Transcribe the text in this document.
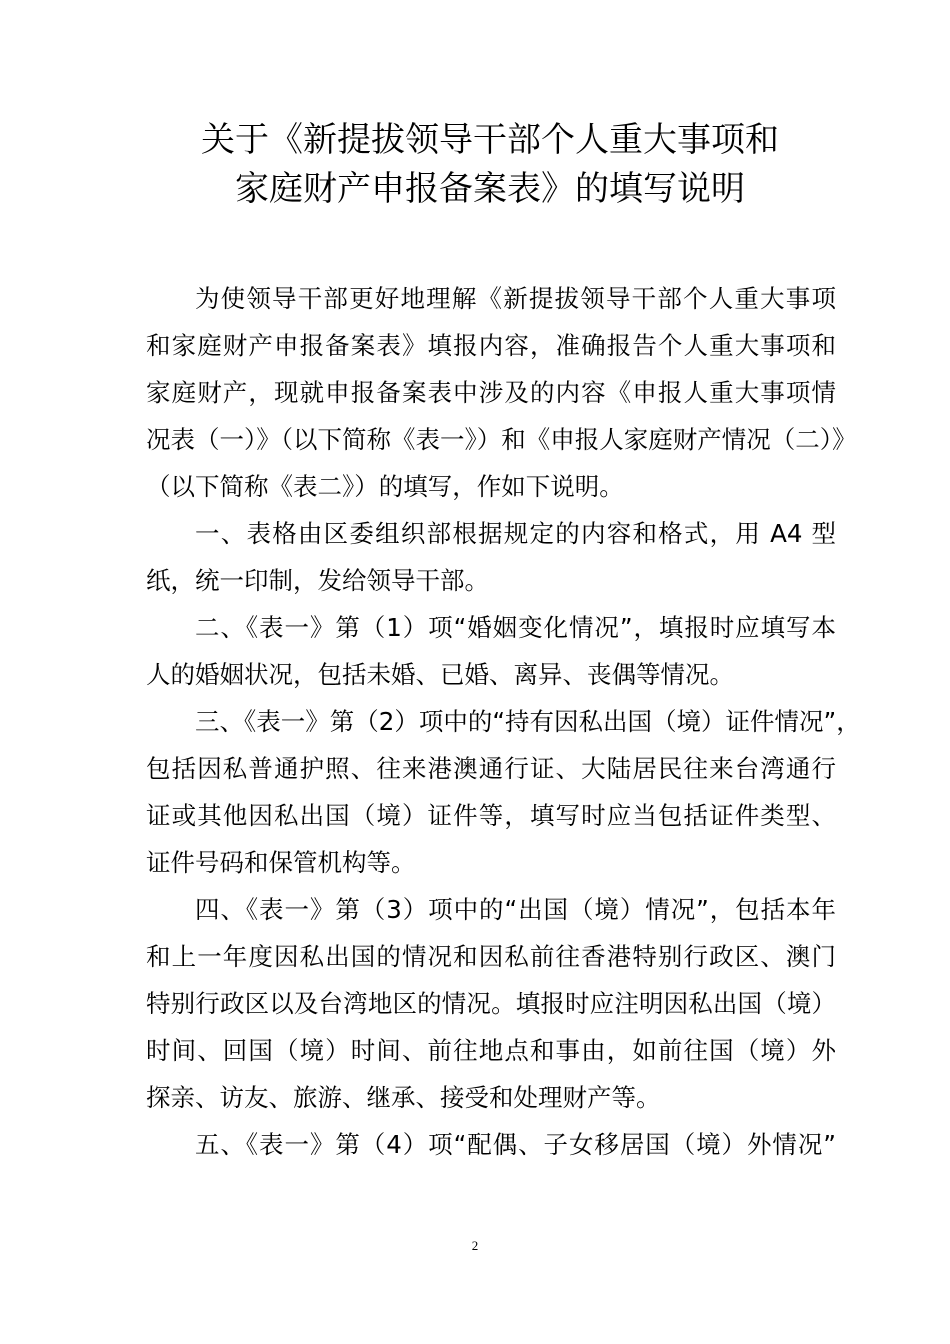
关于《新提拔领导干部个人重大事项和
家庭财产申报备案表》的填写说明
为使领导干部更好地理解《新提拔领导干部个人重大事项
和家庭财产申报备案表》填报内容，准确报告个人重大事项和
家庭财产，现就申报备案表中涉及的内容《申报人重大事项情
况表（一）》（以下简称《表一》）和《申报人家庭财产情况（二）》
（以下简称《表二》）的填写，作如下说明。
一、表格由区委组织部根据规定的内容和格式，用 A4 型
纸，统一印制，发给领导干部。
二、《表一》第（1）项“婚姻变化情况”，填报时应填写本
人的婚姻状况，包括未婚、已婚、离异、丧偶等情况。
三、《表一》第（2）项中的“持有因私出国（境）证件情况”，
包括因私普通护照、往来港澳通行证、大陆居民往来台湾通行
证或其他因私出国（境）证件等，填写时应当包括证件类型、
证件号码和保管机构等。
四、《表一》第（3）项中的“出国（境）情况”，包括本年
和上一年度因私出国的情况和因私前往香港特别行政区、澳门
特别行政区以及台湾地区的情况。填报时应注明因私出国（境）
时间、回国（境）时间、前往地点和事由，如前往国（境）外
探亲、访友、旅游、继承、接受和处理财产等。
五、《表一》第（4）项“配偶、子女移居国（境）外情况”
2
